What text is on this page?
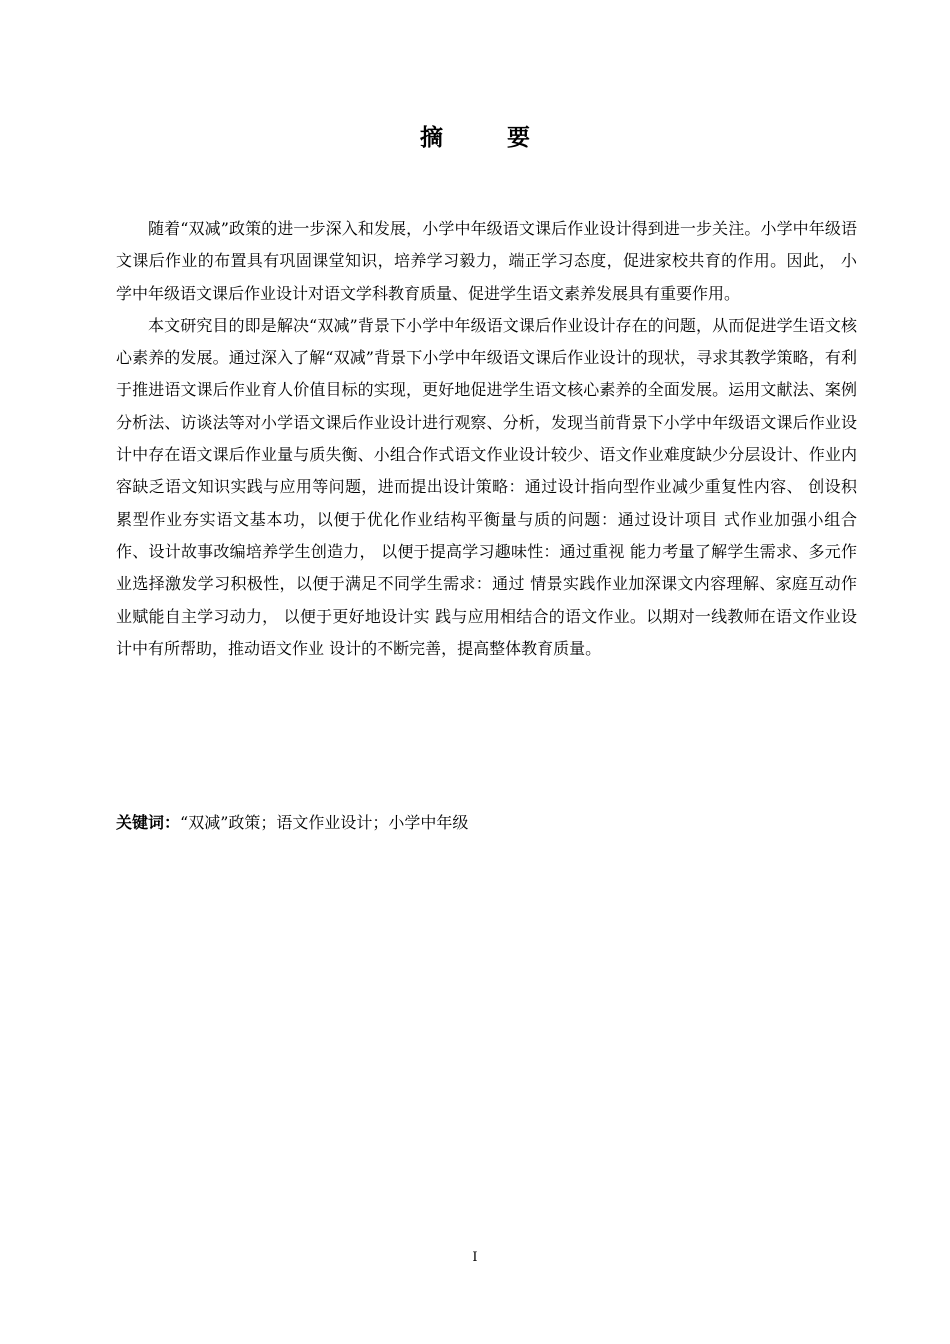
摘 要

随着“双减”政策的进一步深入和发展，小学中年级语文课后作业设计得到进一步关注。小学中年级语文课后作业的布置具有巩固课堂知识，培养学习毅力，端正学习态度，促进家校共育的作用。因此， 小学中年级语文课后作业设计对语文学科教育质量、促进学生语文素养发展具有重要作用。

本文研究目的即是解决“双减”背景下小学中年级语文课后作业设计存在的问题，从而促进学生语文核心素养的发展。通过深入了解“双减”背景下小学中年级语文课后作业设计的现状，寻求其教学策略，有利于推进语文课后作业育人价值目标的实现，更好地促进学生语文核心素养的全面发展。运用文献法、案例分析法、访谈法等对小学语文课后作业设计进行观察、分析，发现当前背景下小学中年级语文课后作业设计中存在语文课后作业量与质失衡、小组合作式语文作业设计较少、语文作业难度缺少分层设计、作业内容缺乏语文知识实践与应用等问题，进而提出设计策略：通过设计指向型作业减少重复性内容、 创设积累型作业夯实语文基本功，以便于优化作业结构平衡量与质的问题：通过设计项目 式作业加强小组合作、设计故事改编培养学生创造力， 以便于提高学习趣味性：通过重视 能力考量了解学生需求、多元作业选择激发学习积极性，以便于满足不同学生需求：通过 情景实践作业加深课文内容理解、家庭互动作业赋能自主学习动力， 以便于更好地设计实 践与应用相结合的语文作业。以期对一线教师在语文作业设计中有所帮助，推动语文作业 设计的不断完善，提高整体教育质量。

关键词：“双减”政策；语文作业设计；小学中年级
I
